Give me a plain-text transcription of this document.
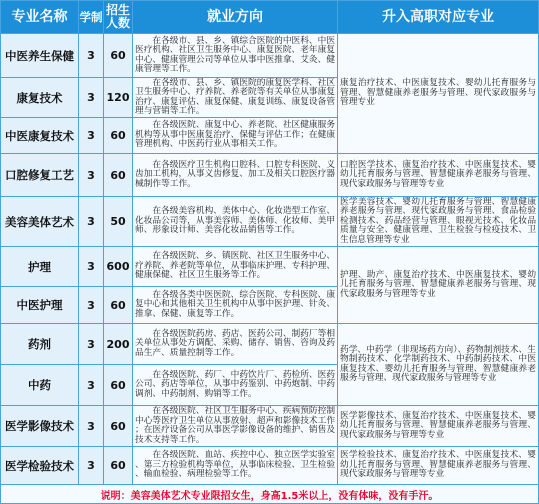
专业名称 学制 招生人数	就业方向	升入高职对应专业
中医养生保健 3 60
在各级市、县、乡、镇综合医院的中医科、中医医疗机构、社区卫生服务中心、康复医院、老年康复中心、健康管理公司等单位从事中医推拿、艾灸、健康管理等工作。
康复技术 3 120
在各级市、县、乡、镇医院的康复医学科、社区卫生服务中心、疗养院、养老院等有关单位从事康复治疗、康复评估、康复保健、康复训练、康复设备管理与营销等工作。
中医康复技术 3 60
在各级医院、康复中心、养老院、社区健康服务机构等从事中医康复治疗、保健与评估工作；在健康管理机构、中医药行业从事相关工作。
康复治疗技术、中医康复技术、婴幼儿托育服务与管理、智慧健康养老服务与管理、现代家政服务与管理专业
口腔修复工艺 3 60
在各级医疗卫生机构口腔科、口腔专科医院、义齿加工机构，从事义齿修复、加工及相关口腔医疗器械制作等工作。
口腔医学技术、康复治疗技术、中医康复技术、婴幼儿托育服务与管理、智慧健康养老服务与管理、现代家政服务与管理等专业
美容美体艺术 3 50
在各级美容机构、美体中心、化妆造型工作室、化妆品公司等，从事美容师、美体师、化妆师、美甲师、形象设计师、美容化妆品销售等工作。
医学美容技术、婴幼儿托育服务与管理、智慧健康养老服务与管理、现代家政服务与管理、食品检验检测技术、药品经营与管理、眼视光技术、化妆品质量与安全、健康管理、卫生检验与检疫技术、卫生信息管理等专业
护理	3 600
在各级医院、乡、镇医院、社区卫生服务中心、疗养院、养老院等单位，从事临床护理、专科护理、健康保健、社区卫生服务等工作。
中医护理 3 60
在各级各类中医医院、综合医院、专科医院、康复中心和其他相关卫生机构中从事中医护理、针灸、推拿、保健、康复等工作。
护理、助产、康复治疗技术、中医康复技术、婴幼儿托育服务与管理、智慧健康养老服务与管理、现代家政服务与管理等专业
药剂	3 200
在各级医院药房、药店、医药公司、制药厂等相关单位从事处方调配、采购、储存、销售、咨询及药品生产、质量控制等工作。
中药	3 60
在各级医院、药厂、中药饮片厂、药检所、医药公司、药店等单位，从事中药鉴别、中药炮制、中药调剂、中药制剂、购销等工作。
药学、中药学（非现场药方向）、药物制剂技术、生物制药技术、化学制药技术、中药制药技术、中医康复技术、婴幼儿托育服务与管理、智慧健康养老服务与管理、现代家政服务与管理等专业
医学影像技术 3 60
在各级医院、社区卫生服务中心、疾病预防控制中心等医疗卫生单位从事放射、超声和影像技术工作；在医疗设备公司从事医学影像设备的维护、销售及技术支持等工作。
医学影像技术、康复治疗技术、中医康复技术、婴幼儿托育服务与管理、智慧健康养老服务与管理、现代家政服务与管理等专业
医学检验技术 3 60
在各级医院、血站、疾控中心、独立医学实验室、第三方检验机构等单位，从事临床检验、卫生检验、输血检验、病理检验等工作。
医学检验技术、康复治疗技术、中医康复技术、婴幼儿托育服务与管理、智慧健康养老服务与管理、现代家政服务与管理等专业
说明：美容美体艺术专业限招女生，身高1.5米以上，没有体味，没有手汗。
